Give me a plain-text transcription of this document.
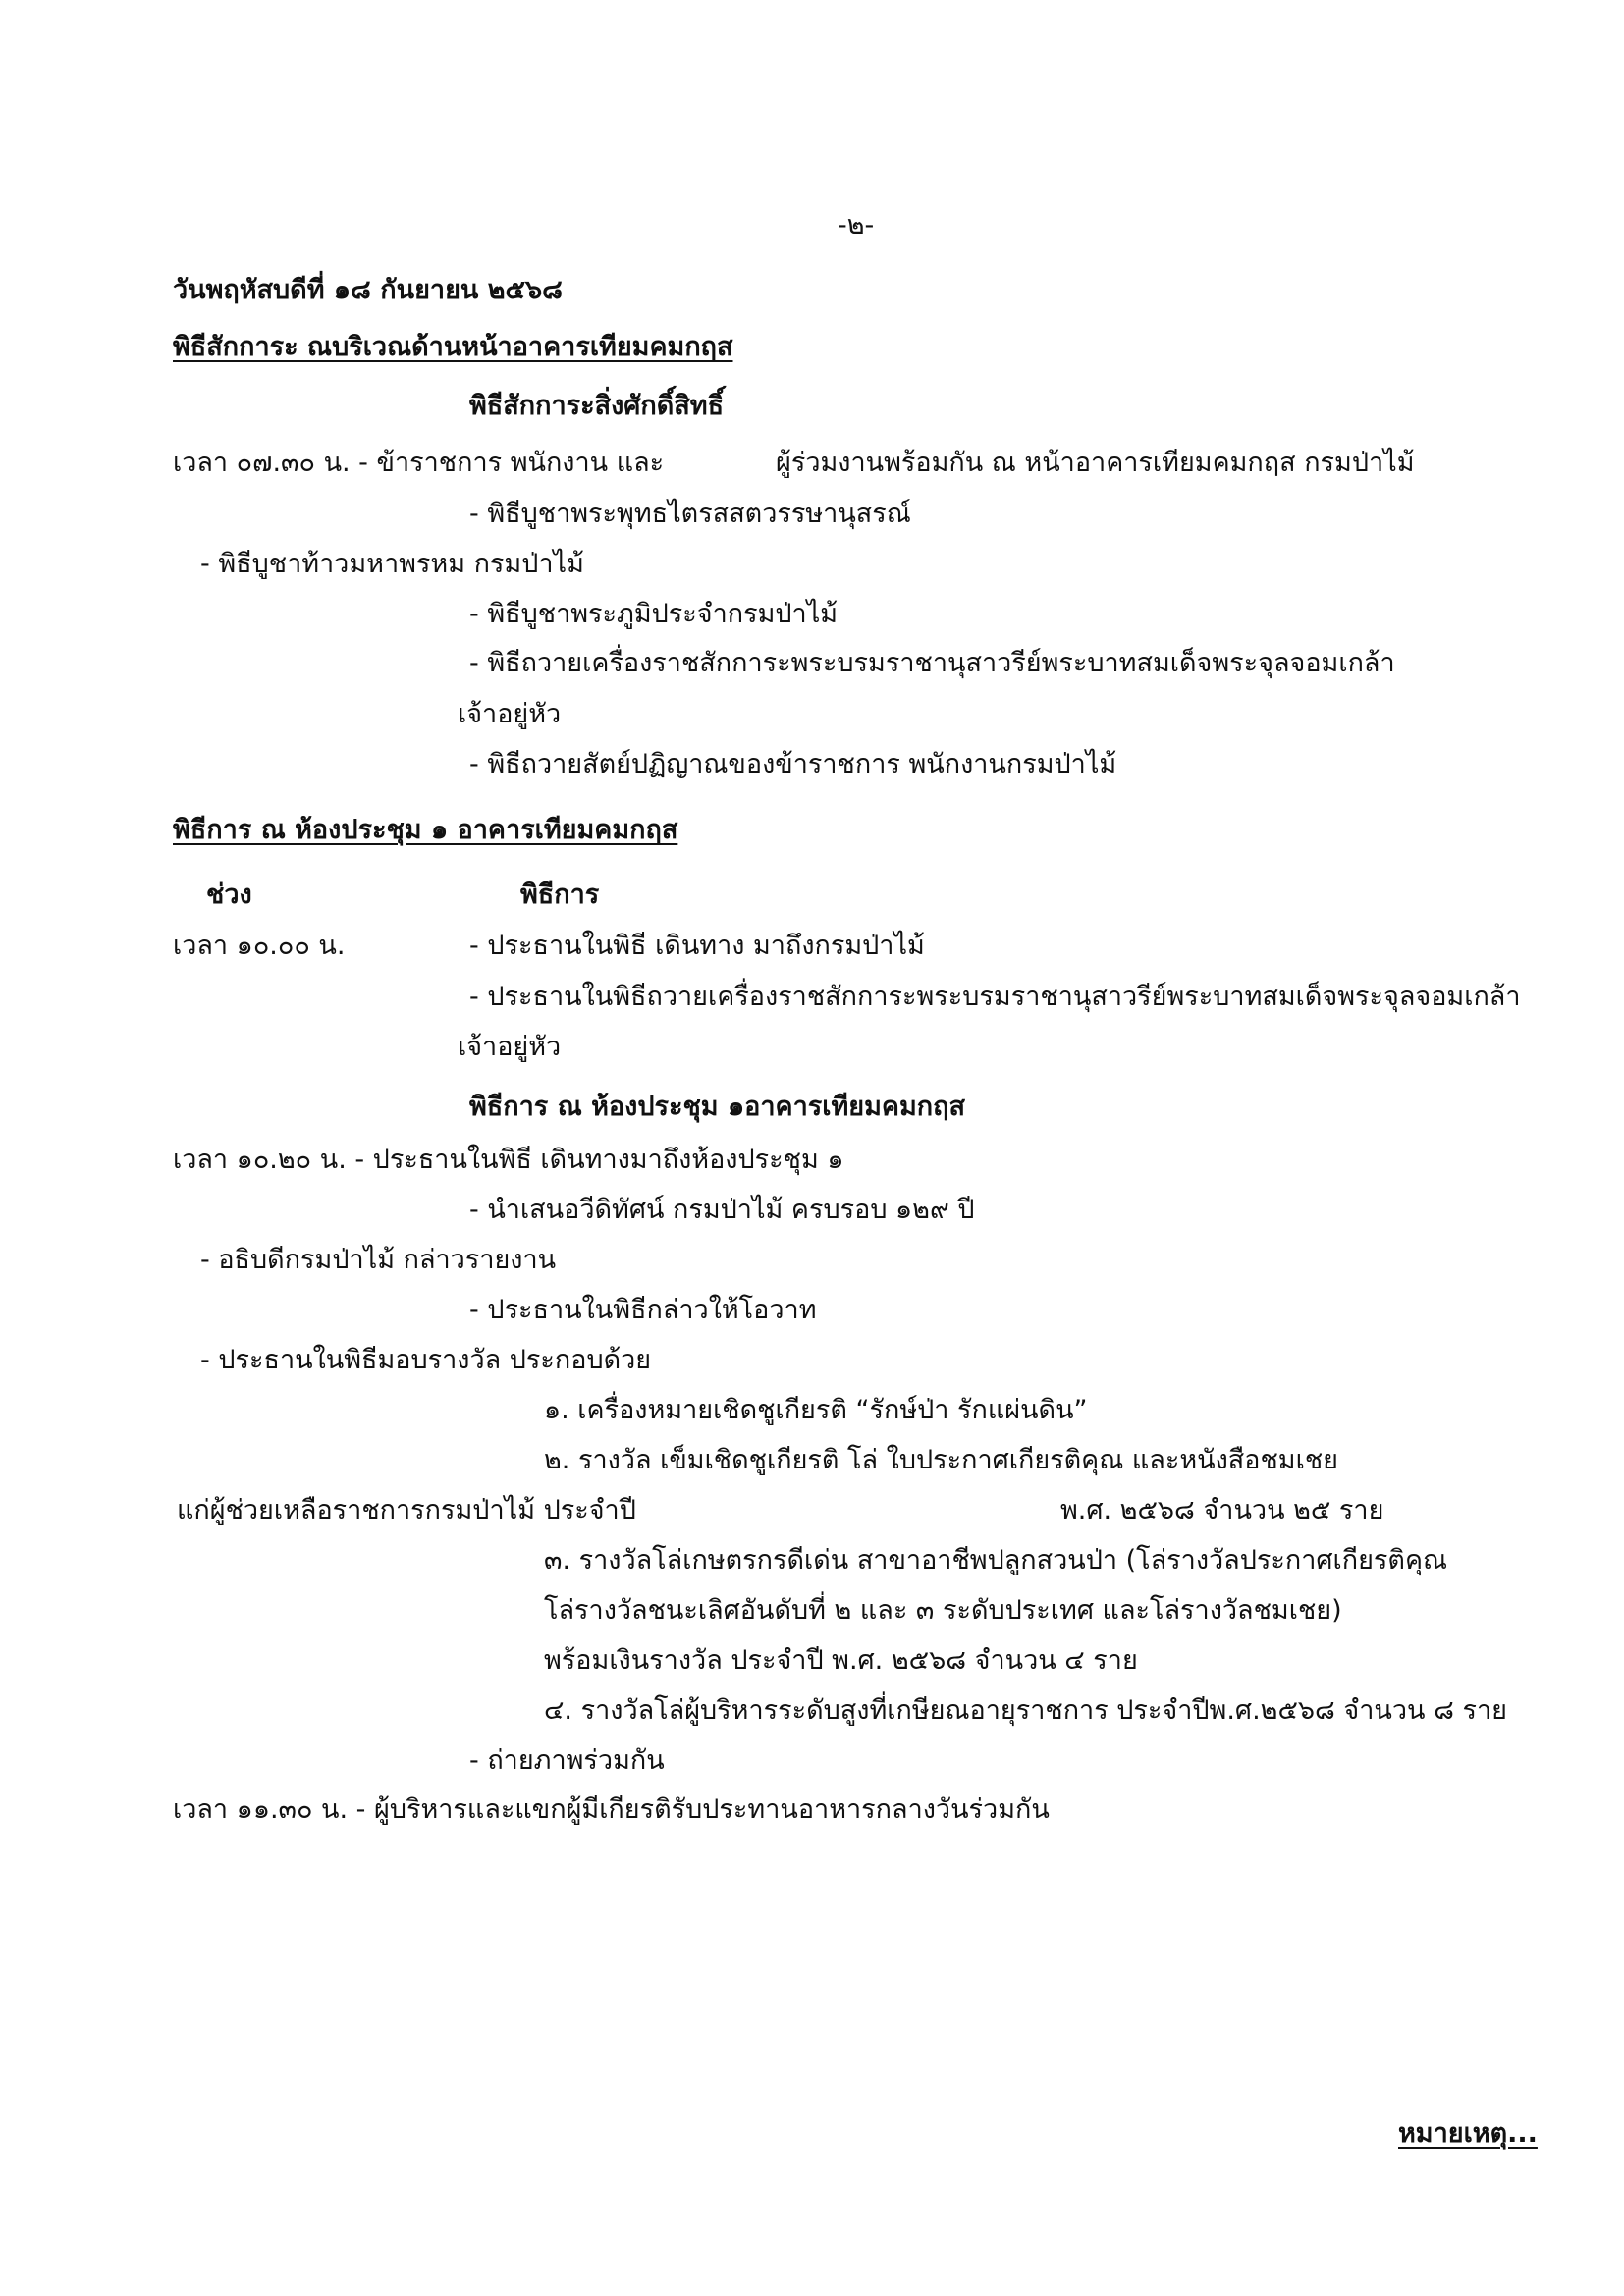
-๒-
วันพฤหัสบดีที่ ๑๘ กันยายน ๒๕๖๘
พิธีสักการะ ณบริเวณด้านหน้าอาคารเทียมคมกฤส
พิธีสักการะสิ่งศักดิ์สิทธิ์
เวลา ๐๗.๓๐ น. - ข้าราชการ พนักงาน และ	ผู้ร่วมงานพร้อมกัน ณ หน้าอาคารเทียมคมกฤส กรมป่าไม้
- พิธีบูชาพระพุทธไตรสสตวรรษานุสรณ์
- พิธีบูชาท้าวมหาพรหม กรมป่าไม้
- พิธีบูชาพระภูมิประจำกรมป่าไม้
- พิธีถวายเครื่องราชสักการะพระบรมราชานุสาวรีย์พระบาทสมเด็จพระจุลจอมเกล้า
เจ้าอยู่หัว
- พิธีถวายสัตย์ปฏิญาณของข้าราชการ พนักงานกรมป่าไม้
พิธีการ ณ ห้องประชุม ๑ อาคารเทียมคมกฤส
ช่วง	พิธีการ
เวลา ๑๐.๐๐ น.	- ประธานในพิธี เดินทาง มาถึงกรมป่าไม้
- ประธานในพิธีถวายเครื่องราชสักการะพระบรมราชานุสาวรีย์พระบาทสมเด็จพระจุลจอมเกล้า
เจ้าอยู่หัว
พิธีการ ณ ห้องประชุม ๑อาคารเทียมคมกฤส
เวลา ๑๐.๒๐ น. - ประธานในพิธี เดินทางมาถึงห้องประชุม ๑
- นำเสนอวีดิทัศน์ กรมป่าไม้ ครบรอบ ๑๒๙ ปี
- อธิบดีกรมป่าไม้ กล่าวรายงาน
- ประธานในพิธีกล่าวให้โอวาท
- ประธานในพิธีมอบรางวัล ประกอบด้วย
๑. เครื่องหมายเชิดชูเกียรติ “รักษ์ป่า รักแผ่นดิน”
๒. รางวัล เข็มเชิดชูเกียรติ โล่ ใบประกาศเกียรติคุณ และหนังสือชมเชย
แก่ผู้ช่วยเหลือราชการกรมป่าไม้ ประจำปี	พ.ศ. ๒๕๖๘ จำนวน ๒๕ ราย
๓. รางวัลโล่เกษตรกรดีเด่น สาขาอาชีพปลูกสวนป่า (โล่รางวัลประกาศเกียรติคุณ
โล่รางวัลชนะเลิศอันดับที่ ๒ และ ๓ ระดับประเทศ และโล่รางวัลชมเชย)
พร้อมเงินรางวัล ประจำปี พ.ศ. ๒๕๖๘ จำนวน ๔ ราย
๔. รางวัลโล่ผู้บริหารระดับสูงที่เกษียณอายุราชการ ประจำปีพ.ศ.๒๕๖๘ จำนวน ๘ ราย
- ถ่ายภาพร่วมกัน
เวลา ๑๑.๓๐ น. - ผู้บริหารและแขกผู้มีเกียรติรับประทานอาหารกลางวันร่วมกัน
หมายเหตุ...
